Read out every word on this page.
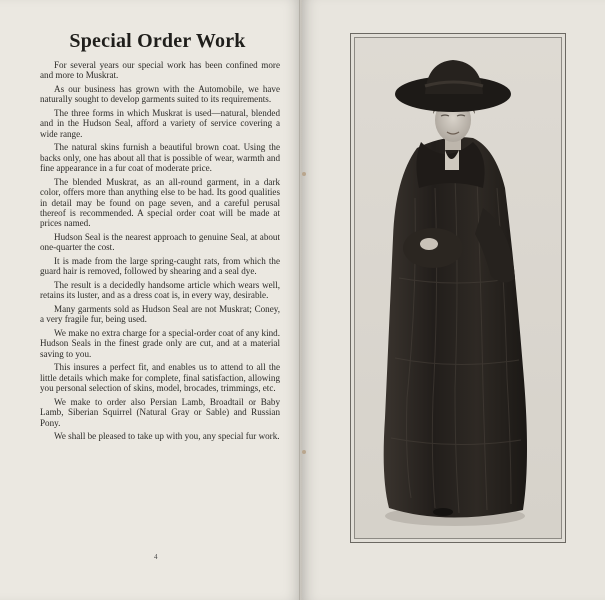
Special Order Work

For several years our special work has been confined more and more to Muskrat.

As our business has grown with the Automobile, we have naturally sought to develop garments suited to its requirements.

The three forms in which Muskrat is used—natural, blended and in the Hudson Seal, afford a variety of service covering a wide range.

The natural skins furnish a beautiful brown coat. Using the backs only, one has about all that is possible of wear, warmth and fine appearance in a fur coat of moderate price.

The blended Muskrat, as an all-round garment, in a dark color, offers more than anything else to be had. Its good qualities in detail may be found on page seven, and a careful perusal thereof is recommended. A special order coat will be made at prices named.

Hudson Seal is the nearest approach to genuine Seal, at about one-quarter the cost.

It is made from the large spring-caught rats, from which the guard hair is removed, followed by shearing and a seal dye.

The result is a decidedly handsome article which wears well, retains its luster, and as a dress coat is, in every way, desirable.

Many garments sold as Hudson Seal are not Muskrat; Coney, a very fragile fur, being used.

We make no extra charge for a special-order coat of any kind. Hudson Seals in the finest grade only are cut, and at a material saving to you.

This insures a perfect fit, and enables us to attend to all the little details which make for complete, final satisfaction, allowing you personal selection of skins, model, brocades, trimmings, etc.

We make to order also Persian Lamb, Broadtail or Baby Lamb, Siberian Squirrel (Natural Gray or Sable) and Russian Pony.

We shall be pleased to take up with you, any special fur work.

4
